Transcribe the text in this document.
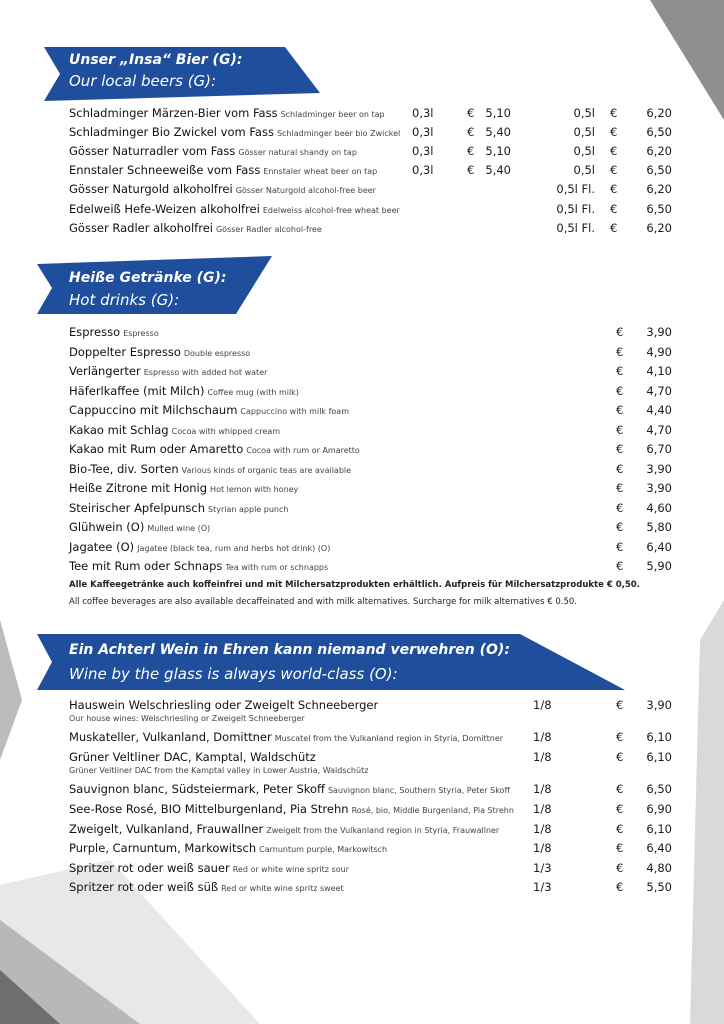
Unser „Insa“ Bier (G):
Our local beers (G):
Schladminger Märzen-Bier vom Fass Schladminger beer on tap 0,3l	€ 5,10	0,5l €	6,20
Schladminger Bio Zwickel vom Fass Schladminger beer bio Zwickel 0,3l	€ 5,40	0,5l €	6,50
Gösser Naturradler vom Fass Gösser natural shandy on tap	0,3l	€ 5,10	0,5l €	6,20
Ennstaler Schneeweiße vom Fass Ennstaler wheat beer on tap	0,3l	€ 5,40	0,5l €	6,50
Gösser Naturgold alkoholfrei Gösser Naturgold alcohol-free beer	0,5l Fl. €	6,20
Edelweiß Hefe-Weizen alkoholfrei Edelweiss alcohol-free wheat beer	0,5l Fl. €	6,50
Gösser Radler alkoholfrei Gösser Radler alcohol-free	0,5l Fl. €	6,20
Heiße Getränke (G):
Hot drinks (G):
Espresso Espresso	€	3,90
Doppelter Espresso Double espresso	€	4,90
Verlängerter Espresso with added hot water	€	4,10
Häferlkaffee (mit Milch) Coffee mug (with milk)	€	4,70
Cappuccino mit Milchschaum Cappuccino with milk foam	€	4,40
Kakao mit Schlag Cocoa with whipped cream	€	4,70
Kakao mit Rum oder Amaretto Cocoa with rum or Amaretto	€	6,70
Bio-Tee, div. Sorten Various kinds of organic teas are available	€	3,90
Heiße Zitrone mit Honig Hot lemon with honey	€	3,90
Steirischer Apfelpunsch Styrian apple punch	€	4,60
Glühwein (O) Mulled wine (O)	€	5,80
Jagatee (O) Jagatee (black tea, rum and herbs hot drink) (O)	€	6,40
Tee mit Rum oder Schnaps Tea with rum or schnapps	€	5,90
Alle Kaffeegetränke auch koffeinfrei und mit Milchersatzprodukten erhältlich. Aufpreis für Milchersatzprodukte € 0,50.
All coffee beverages are also available decaffeinated and with milk alternatives. Surcharge for milk alternatives € 0.50.
Ein Achterl Wein in Ehren kann niemand verwehren (O):
Wine by the glass is always world-class (O):
Hauswein Welschriesling oder Zweigelt Schneeberger	1/8	€	3,90
Our house wines: Welschriesling or Zweigelt Schneeberger
Muskateller, Vulkanland, Domittner Muscatel from the Vulkanland region in Styria, Domittner	1/8	€	6,10
Grüner Veltliner DAC, Kamptal, Waldschütz	1/8	€	6,10
Grüner Veltliner DAC from the Kamptal valley in Lower Austria, Waldschütz
Sauvignon blanc, Südsteiermark, Peter Skoff Sauvignon blanc, Southern Styria, Peter Skoff 1/8	€	6,50
See-Rose Rosé, BIO Mittelburgenland, Pia Strehn Rosé, bio, Middle Burgenland, Pia Strehn 1/8	€	6,90
Zweigelt, Vulkanland, Frauwallner Zweigelt from the Vulkanland region in Styria, Frauwallner	1/8	€	6,10
Purple, Carnuntum, Markowitsch Carnuntum purple, Markowitsch	1/8	€	6,40
Spritzer rot oder weiß sauer Red or white wine spritz sour	1/3	€	4,80
Spritzer rot oder weiß süß Red or white wine spritz sweet	1/3	€	5,50
